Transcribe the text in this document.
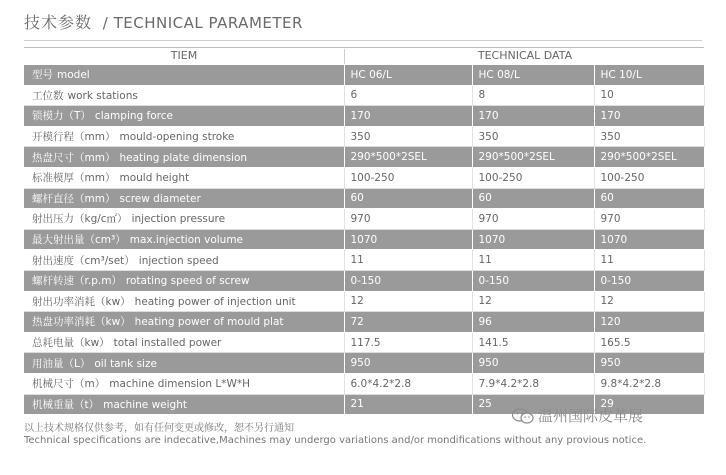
技术参数 / TECHNICAL PARAMETER
TIEM	TECHNICAL DATA
型号 model	HC 06/L	HC 08/L	HC 10/L
工位数 work stations	6	8	10
锁模力（T） clamping force	170	170	170
开模行程（mm） mould-opening stroke	350	350	350
热盘尺寸（mm） heating plate dimension	290*500*2SEL	290*500*2SEL	290*500*2SEL
标准模厚（mm） mould height	100-250	100-250	100-250
螺杆直径（mm） screw diameter	60	60	60
射出压力（kg/c㎡） injection pressure	970	970	970
最大射出量（cm³） max.injection volume	1070	1070	1070
射出速度（cm³/set） injection speed	11	11	11
螺杆转速（r.p.m） rotating speed of screw	0-150	0-150	0-150
射出功率消耗（kw） heating power of injection unit	12	12	12
热盘功率消耗（kw） heating power of mould plat	72	96	120
总耗电量（kw） total installed power	117.5	141.5	165.5
用油量（L） oil tank size	950	950	950
机械尺寸（m） machine dimension L*W*H	6.0*4.2*2.8	7.9*4.2*2.8	9.8*4.2*2.8
机械重量（t） machine weight	21	25	29
以上技术规格仅供参考，如有任何变更或修改，恕不另行通知
Technical specifications are indecative,Machines may undergo variations and/or mondifications without any provious notice.
温州国际皮革展
